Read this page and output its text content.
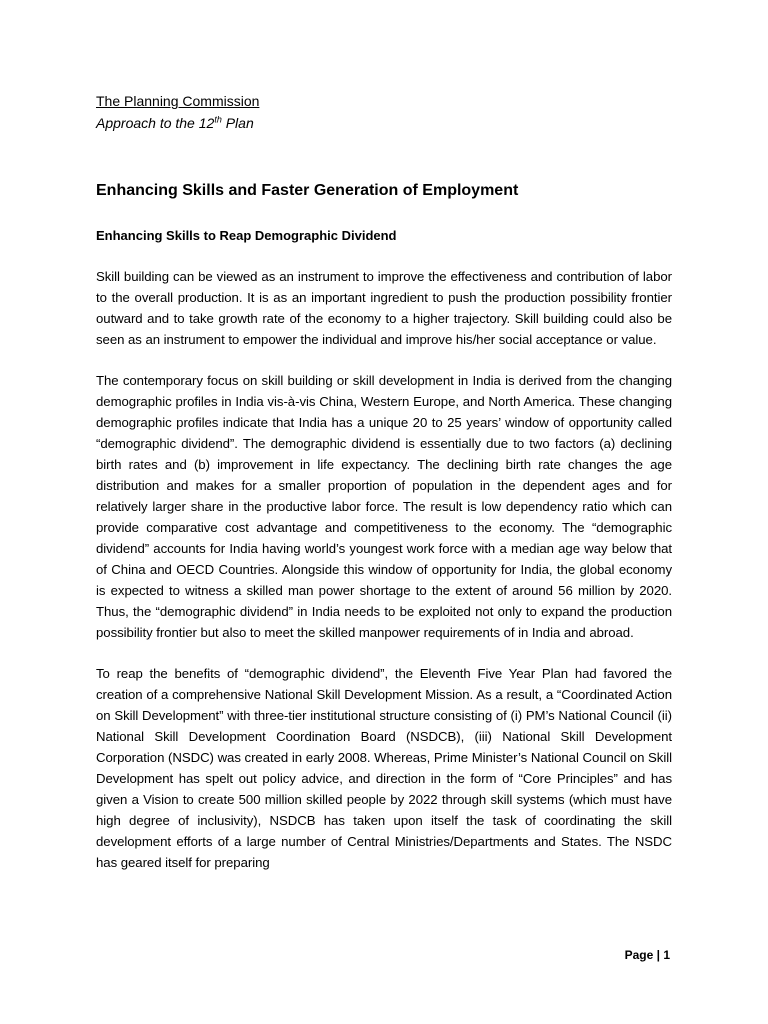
The Planning Commission

Approach to the 12th Plan

Enhancing Skills and Faster Generation of Employment
Enhancing Skills to Reap Demographic Dividend

Skill building can be viewed as an instrument to improve the effectiveness and contribution of labor to the overall production. It is as an important ingredient to push the production possibility frontier outward and to take growth rate of the economy to a higher trajectory. Skill building could also be seen as an instrument to empower the individual and improve his/her social acceptance or value.

The contemporary focus on skill building or skill development in India is derived from the changing demographic profiles in India vis-à-vis China, Western Europe, and North America. These changing demographic profiles indicate that India has a unique 20 to 25 years’ window of opportunity called “demographic dividend”. The demographic dividend is essentially due to two factors (a) declining birth rates and (b) improvement in life expectancy. The declining birth rate changes the age distribution and makes for a smaller proportion of population in the dependent ages and for relatively larger share in the productive labor force. The result is low dependency ratio which can provide comparative cost advantage and competitiveness to the economy. The “demographic dividend” accounts for India having world’s youngest work force with a median age way below that of China and OECD Countries. Alongside this window of opportunity for India, the global economy is expected to witness a skilled man power shortage to the extent of around 56 million by 2020. Thus, the “demographic dividend” in India needs to be exploited not only to expand the production possibility frontier but also to meet the skilled manpower requirements of in India and abroad.

To reap the benefits of “demographic dividend”, the Eleventh Five Year Plan had favored the creation of a comprehensive National Skill Development Mission. As a result, a “Coordinated Action on Skill Development” with three-tier institutional structure consisting of (i) PM’s National Council (ii) National Skill Development Coordination Board (NSDCB), (iii) National Skill Development Corporation (NSDC) was created in early 2008. Whereas, Prime Minister’s National Council on Skill Development has spelt out policy advice, and direction in the form of “Core Principles” and has given a Vision to create 500 million skilled people by 2022 through skill systems (which must have high degree of inclusivity), NSDCB has taken upon itself the task of coordinating the skill development efforts of a large number of Central Ministries/Departments and States. The NSDC has geared itself for preparing

Page | 1
